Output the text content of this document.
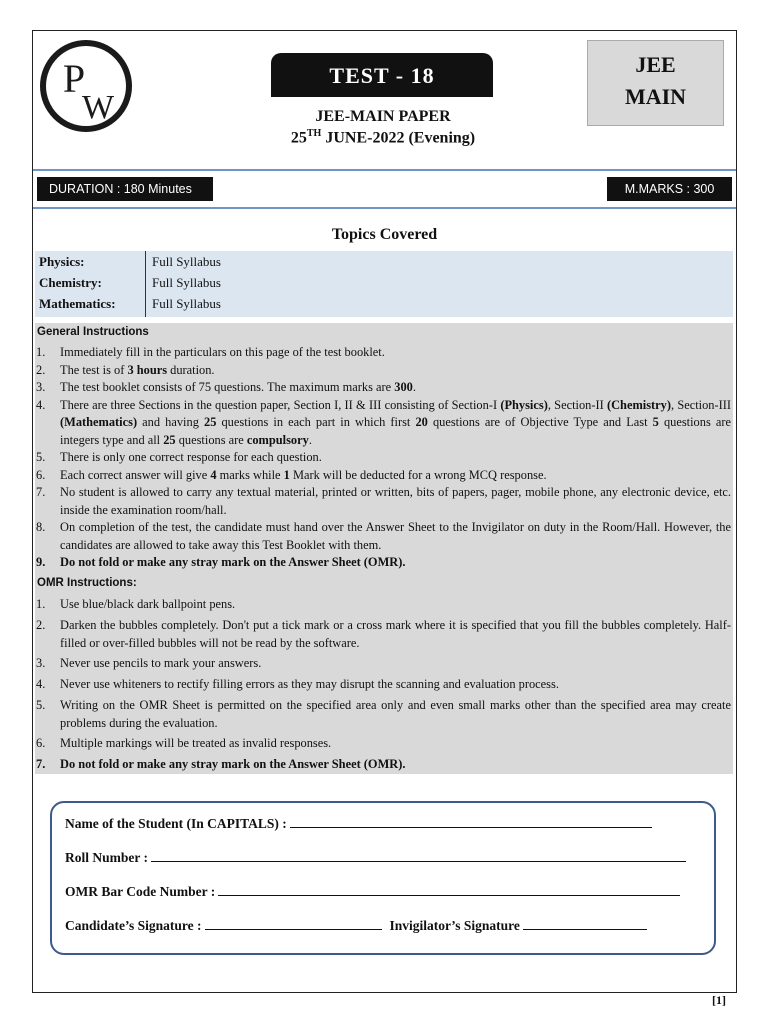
P
W
TEST - 18
JEE-MAIN PAPER
25TH JUNE-2022 (Evening)
JEE
MAIN
DURATION : 180 Minutes	M.MARKS : 300
Topics Covered
Physics:	Full Syllabus
Chemistry:	Full Syllabus
Mathematics:	Full Syllabus
General Instructions
1. Immediately fill in the particulars on this page of the test booklet.
2. The test is of 3 hours duration.
3. The test booklet consists of 75 questions. The maximum marks are 300.
4. There are three Sections in the question paper, Section I, II & III consisting of Section-I (Physics), Section-II (Chemistry), Section-III (Mathematics) and having 25 questions in each part in which first 20 questions are of Objective Type and Last 5 questions are integers type and all 25 questions are compulsory.
5. There is only one correct response for each question.
6. Each correct answer will give 4 marks while 1 Mark will be deducted for a wrong MCQ response.
7. No student is allowed to carry any textual material, printed or written, bits of papers, pager, mobile phone, any electronic device, etc. inside the examination room/hall.
8. On completion of the test, the candidate must hand over the Answer Sheet to the Invigilator on duty in the Room/Hall. However, the candidates are allowed to take away this Test Booklet with them.
9. Do not fold or make any stray mark on the Answer Sheet (OMR).
OMR Instructions:
1. Use blue/black dark ballpoint pens.
2. Darken the bubbles completely. Don't put a tick mark or a cross mark where it is specified that you fill the bubbles completely. Half-filled or over-filled bubbles will not be read by the software.
3. Never use pencils to mark your answers.
4. Never use whiteners to rectify filling errors as they may disrupt the scanning and evaluation process.
5. Writing on the OMR Sheet is permitted on the specified area only and even small marks other than the specified area may create problems during the evaluation.
6. Multiple markings will be treated as invalid responses.
7. Do not fold or make any stray mark on the Answer Sheet (OMR).
Name of the Student (In CAPITALS) :
Roll Number :
OMR Bar Code Number :
Candidate’s Signature :	Invigilator’s Signature
[1]
